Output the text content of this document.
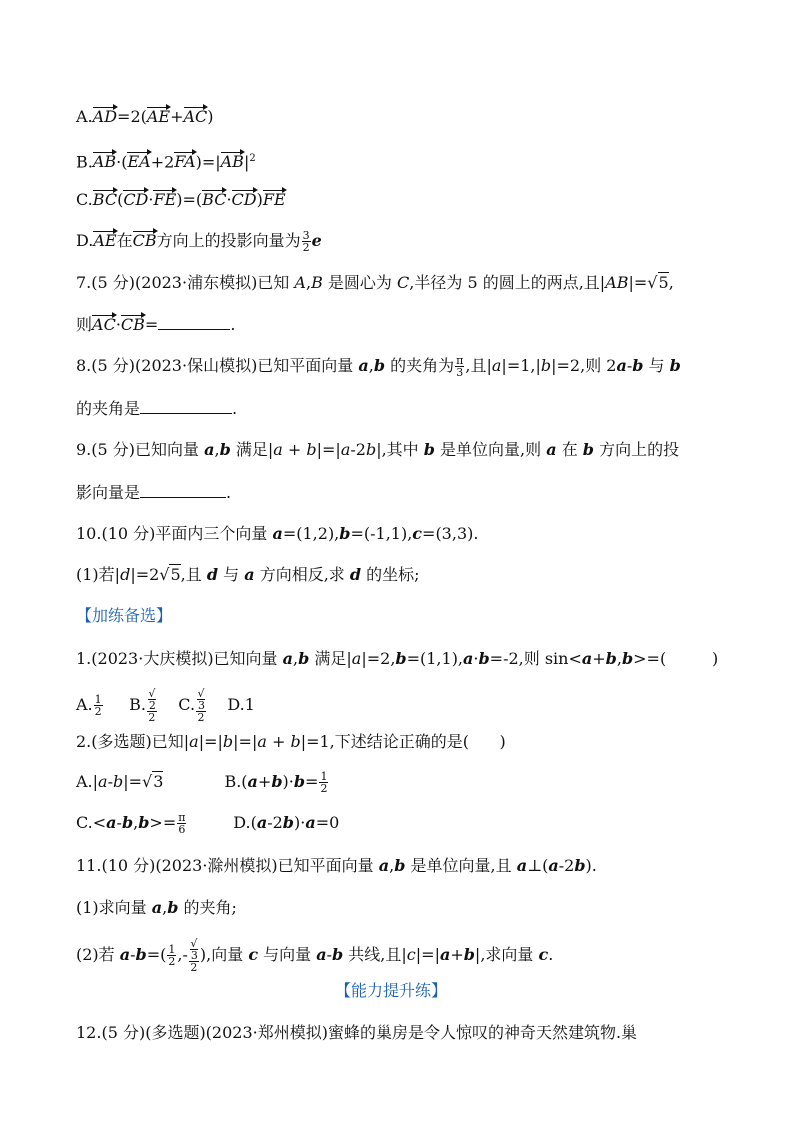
A.AD=2(AE+AC)
$B.AB\cdot(EA+2FA)=|AB|^2$
C.BC(CD·FE)=(BC·CD)FE
D.AE在CB方向上的投影向量为 $\frac{3}{2}$ e
7.(5 分)(2023·浦东模拟)已知 A,B 是圆心为 C,半径为 5 的圆上的两点,且|AB|=√5,
则AC·CB=	.
8.(5 分)(2023·保山模拟)已知平面向量 a,b 的夹角为 $\frac{\pi}{3}$ ,且|a|=1,|b|=2,则 2a-b 与 b
的夹角是	.
9.(5 分)已知向量 a,b 满足|a + b|=|a-2b|,其中 b 是单位向量,则 a 在 b 方向上的投
影向量是	.
10.(10 分)平面内三个向量 a=(1,2),b=(-1,1),c=(3,3).
(1)若|d|=2√5,且 d 与 a 方向相反,求 d 的坐标;
【加练备选】
1.(2023·大庆模拟)已知向量 a,b 满足|a|=2,b=(1,1),a·b=-2,则 sin<a+b,b>=(         )
A. $\frac{1}{2} B$. √
2
2 C. √
3
2 D.1
2.(多选题)已知|a|=|b|=|a + b|=1,下述结论正确的是(      )
A.|a-b|=√3            $B.(a+b)\cdot b= \frac{1}{2}$
$C.<a-b,b>= \frac{\pi}{6} D.(a-2b)\cdot a=0$
11.(10 分)(2023·滁州模拟)已知平面向量 a,b 是单位向量,且 a⊥(a-2b).
(1)求向量 a,b 的夹角;
(2)若 $a-b=( \frac{1}{2}$ ,- √
3
2 ),向量 c 与向量 a-b 共线,且|c|=|a+b|,求向量 c.
【能力提升练】
12.(5 分)(多选题)(2023·郑州模拟)蜜蜂的巢房是令人惊叹的神奇天然建筑物.巢
